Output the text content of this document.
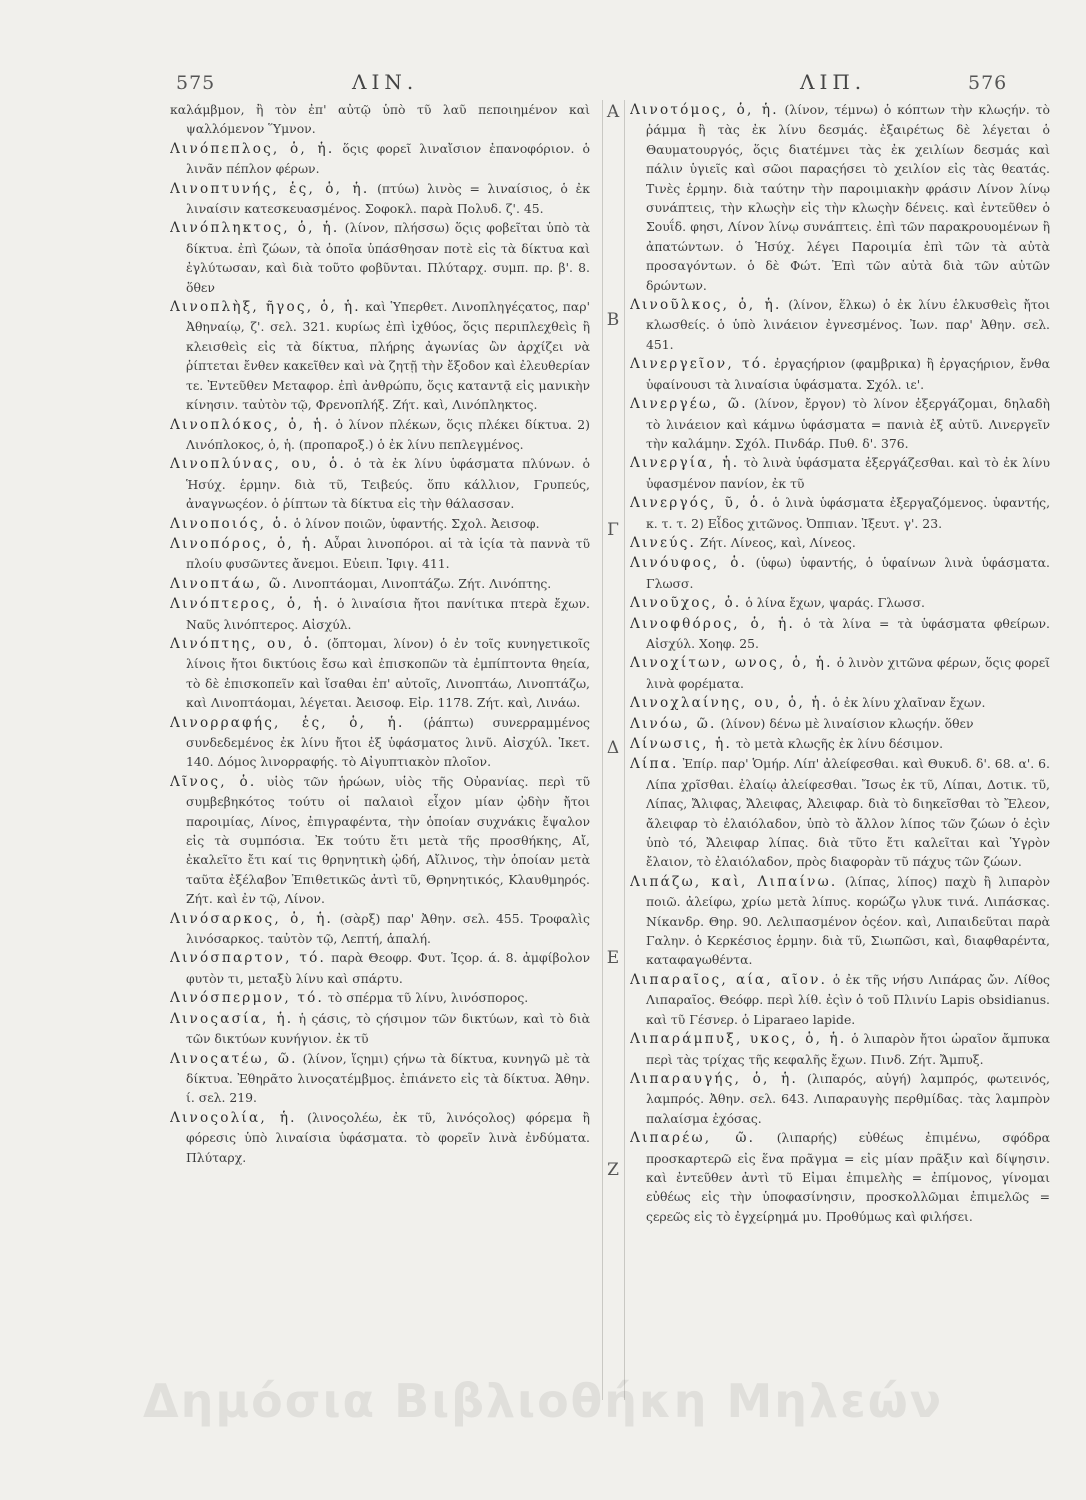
575	ΛΙΝ.	ΛΙΠ.	576

καλάμβμον, ἢ τὸν ἐπ' αὐτῷ ὑπὸ τῦ λαῦ πεποιημένον καὶ ψαλλόμενον Ὕμνον.

Λινόπεπλος, ὁ, ἡ. ὅςις φορεῖ λιναἴσιον ἐπανοφόριον. ὁ λινᾶν πέπλον φέρων.

Λινοπτυνής, ἑς, ὁ, ἡ. (πτύω) λινὸς = λιναίσιος, ὁ ἐκ λιναίσιν κατεσκευασμένος. Σοφοκλ. παρὰ Πολυδ. ζ'. 45.

Λινόπληκτος, ὁ, ἡ. (λίνον, πλήσσω) ὅςις φοβεῖται ὑπὸ τὰ δίκτυα. ἐπὶ ζώων, τὰ ὁποῖα ὑπάσθησαν ποτὲ εἰς τὰ δίκτυα καὶ ἐγλύτωσαν, καὶ διὰ τοῦτο φοβῦνται. Πλύταρχ. συμπ. πρ. β'. 8. ὅθεν

Λινοπλὴξ, ῆγος, ὁ, ἡ. καὶ Ὑπερθετ. Λινοπληγέςατος, παρ' Ἀθηναίῳ, ζ'. σελ. 321. κυρίως ἐπὶ ἰχθύος, ὅςις περιπλεχθεὶς ἢ κλεισθεὶς εἰς τὰ δίκτυα, πλήρης ἀγωνίας ὢν ἀρχίζει νὰ ῥίπτεται ἔνθεν κακεῖθεν καὶ νὰ ζητῇ τὴν ἔξοδον καὶ ἐλευθερίαν τε. Ἐντεῦθεν Μεταφορ. ἐπὶ ἀνθρώπυ, ὅςις καταντᾷ εἰς μανικὴν κίνησιν. ταὐτὸν τῷ, Φρενοπλήξ. Ζήτ. καὶ, Λινόπληκτος.

Λινοπλόκος, ὁ, ἡ. ὁ λίνον πλέκων, ὅςις πλέκει δίκτυα. 2) Λινόπλοκος, ὁ, ἡ. (προπαροξ.) ὁ ἐκ λίνυ πεπλεγμένος.

Λινοπλύνας, ου, ὁ. ὁ τὰ ἐκ λίνυ ὑφάσματα πλύνων. ὁ Ἡσύχ. ἑρμην. διὰ τῦ, Τειβεύς. ὅπυ κάλλιον, Γρυπεύς, ἀναγνωςέον. ὁ ῥίπτων τὰ δίκτυα εἰς τὴν θάλασσαν.

Λινοποιός, ὁ. ὁ λίνον ποιῶν, ὑφαντής. Σχολ. Ἀεισοφ.

Λινοπόρος, ὁ, ἡ. Αὖραι λινοπόροι. αἱ τὰ ἱςία τὰ παννὰ τῦ πλοίυ φυσῶντες ἄνεμοι. Εὐειπ. Ἰφιγ. 411.

Λινοπτάω, ῶ. Λινοπτάομαι, Λινοπτάζω. Ζήτ. Λινόπτης.

Λινόπτερος, ὁ, ἡ. ὁ λιναίσια ἤτοι πανίτικα πτερὰ ἔχων. Ναῦς λινόπτερος. Αἰσχύλ.

Λινόπτης, ου, ὁ. (ὄπτομαι, λίνον) ὁ ἐν τοῖς κυνηγετικοῖς λίνοις ἤτοι δικτύοις ἔσω καὶ ἐπισκοπῶν τὰ ἐμπίπτοντα θηεία, τὸ δὲ ἐπισκοπεῖν καὶ ἴσαθαι ἐπ' αὐτοῖς, Λινοπτάω, Λινοπτάζω, καὶ Λινοπτάομαι, λέγεται. Ἀεισοφ. Εἰρ. 1178. Ζήτ. καὶ, Λινάω.

Λινορραφής, ἑς, ὁ, ἡ. (ῥάπτω) συνερραμμένος συνδεδεμένος ἐκ λίνυ ἤτοι ἐξ ὑφάσματος λινῦ. Αἰσχύλ. Ἱκετ. 140. Δόμος λινορραφής. τὸ Αἰγυπτιακὸν πλοῖον.

Λῖνος, ὁ. υἱὸς τῶν ἡρώων, υἱὸς τῆς Οὐρανίας. περὶ τῦ συμβεβηκότος τούτυ οἱ παλαιοὶ εἶχον μίαν ᾠδὴν ἤτοι παροιμίας, Λίνος, ἐπιγραφέντα, τὴν ὁποίαν συχνάκις ἔψαλον εἰς τὰ συμπόσια. Ἐκ τούτυ ἔτι μετὰ τῆς προσθήκης, Αἴ, ἐκαλεῖτο ἔτι καί τις θρηνητικὴ ᾠδή, Αἴλινος, τὴν ὁποίαν μετὰ ταῦτα ἐξέλαβον Ἐπιθετικῶς ἀντὶ τῦ, Θρηνητικός, Κλαυθμηρός. Ζήτ. καὶ ἐν τῷ, Λίνον.

Λινόσαρκος, ὁ, ἡ. (σὰρξ) παρ' Ἀθην. σελ. 455. Τροφαλὶς λινόσαρκος. ταὐτὸν τῷ, Λεπτή, ἁπαλή.

Λινόσπαρτον, τό. παρὰ Θεοφρ. Φυτ. Ἱςορ. ά. 8. ἀμφίβολον φυτὸν τι, μεταξὺ λίνυ καὶ σπάρτυ.

Λινόσπερμον, τό. τὸ σπέρμα τῦ λίνυ, λινόσπορος.

Λινοςασία, ἡ. ἡ ςάσις, τὸ ςήσιμον τῶν δικτύων, καὶ τὸ διὰ τῶν δικτύων κυνήγιον. ἐκ τῦ

Λινοςατέω, ῶ. (λίνον, ἵςημι) ςήνω τὰ δίκτυα, κυνηγῶ μὲ τὰ δίκτυα. Ἐθηρᾶτο λινοςατέμβμος. ἐπιάνετο εἰς τὰ δίκτυα. Ἀθην. ί. σελ. 219.

Λινοςολία, ἡ. (λινοςολέω, ἐκ τῦ, λινόςολος) φόρεμα ἢ φόρεσις ὑπὸ λιναίσια ὑφάσματα. τὸ φορεῖν λινὰ ἐνδύματα. Πλύταρχ.

Α
Β
Γ
Δ
Ε
Ζ

Λινοτόμος, ὁ, ἡ. (λίνον, τέμνω) ὁ κόπτων τὴν κλωςήν. τὸ ῥάμμα ἢ τὰς ἐκ λίνυ δεσμάς. ἐξαιρέτως δὲ λέγεται ὁ Θαυματουργός, ὅςις διατέμνει τὰς ἐκ χειλίων δεσμάς καὶ πάλιν ὑγιεῖς καὶ σῶοι παραςήσει τὸ χειλίον εἰς τὰς θεατάς. Τινὲς ἑρμην. διὰ ταύτην τὴν παροιμιακὴν φράσιν Λίνον λίνῳ συνάπτεις, τὴν κλωςὴν εἰς τὴν κλωςὴν δένεις. καὶ ἐντεῦθεν ὁ Σουΐδ. φησι, Λίνον λίνῳ συνάπτεις. ἐπὶ τῶν παρακρουομένων ἢ ἀπατώντων. ὁ Ἡσύχ. λέγει Παροιμία ἐπὶ τῶν τὰ αὐτὰ προσαγόντων. ὁ δὲ Φώτ. Ἐπὶ τῶν αὐτὰ διὰ τῶν αὐτῶν δρώντων.

Λινοῦλκος, ὁ, ἡ. (λίνον, ἕλκω) ὁ ἐκ λίνυ ἑλκυσθεὶς ἤτοι κλωσθείς. ὁ ὑπὸ λινάειον ἐγνεσμένος. Ἰων. παρ' Ἀθην. σελ. 451.

Λινεργεῖον, τό. ἐργαςήριον (φαμβρικα) ἢ ἐργαςήριον, ἔνθα ὑφαίνουσι τὰ λιναίσια ὑφάσματα. Σχόλ. ιε'.

Λινεργέω, ῶ. (λίνον, ἔργον) τὸ λίνον ἐξεργάζομαι, δηλαδὴ τὸ λινάειον καὶ κάμνω ὑφάσματα = πανιὰ ἐξ αὐτῦ. Λινεργεῖν τὴν καλάμην. Σχόλ. Πινδάρ. Πυθ. δ'. 376.

Λινεργία, ἡ. τὸ λινὰ ὑφάσματα ἐξεργάζεσθαι. καὶ τὸ ἐκ λίνυ ὑφασμένον πανίον, ἐκ τῦ

Λινεργός, ῦ, ὁ. ὁ λινὰ ὑφάσματα ἐξεργαζόμενος. ὑφαντής, κ. τ. τ. 2) Εἶδος χιτῶνος. Ὀππιαν. Ἰξευτ. γ'. 23.

Λινεύς. Ζήτ. Λίνεος, καὶ, Λίνεος.

Λινόυφος, ὁ. (ὑφω) ὑφαντής, ὁ ὑφαίνων λινὰ ὑφάσματα. Γλωσσ.

Λινοῦχος, ὁ. ὁ λίνα ἔχων, ψαράς. Γλωσσ.

Λινοφθόρος, ὁ, ἡ. ὁ τὰ λίνα = τὰ ὑφάσματα φθείρων. Αἰσχύλ. Χοηφ. 25.

Λινοχίτων, ωνος, ὁ, ἡ. ὁ λινὸν χιτῶνα φέρων, ὅςις φορεῖ λινὰ φορέματα.

Λινοχλαίνης, ου, ὁ, ἡ. ὁ ἐκ λίνυ χλαῖναν ἔχων.

Λινόω, ῶ. (λίνον) δένω μὲ λιναίσιον κλωςήν. ὅθεν

Λίνωσις, ἡ. τὸ μετὰ κλωςῆς ἐκ λίνυ δέσιμον.

Λίπα. Ἐπίρ. παρ' Ὁμήρ. Λίπ' ἀλείφεσθαι. καὶ Θυκυδ. δ'. 68. α'. 6. Λίπα χρῖσθαι. ἐλαίῳ ἀλείφεσθαι. Ἴσως ἐκ τῦ, Λίπαι, Δοτικ. τῦ, Λίπας, Ἄλιφας, Ἄλειφας, Ἀλειφαρ. διὰ τὸ διηκεῖσθαι τὸ Ἔλεον, ἄλειφαρ τὸ ἐλαιόλαδον, ὑπὸ τὸ ἄλλον λίπος τῶν ζώων ὁ ἐςὶν ὑπὸ τό, Ἄλειφαρ λίπας. διὰ τῦτο ἔτι καλεῖται καὶ Ὑγρὸν ἔλαιον, τὸ ἐλαιόλαδον, πρὸς διαφορὰν τῦ πάχυς τῶν ζώων.

Λιπάζω, καὶ, Λιπαίνω. (λίπας, λίπος) παχὺ ἢ λιπαρὸν ποιῶ. ἀλείφω, χρίω μετὰ λίπυς. κορώζω γλυκ τινά. Λιπάσκας. Νίκανδρ. Θηρ. 90. Λελιπασμένον ὀςέον. καὶ, Λιπαιδεῦται παρὰ Γαλην. ὁ Κερκέσιος ἑρμην. διὰ τῦ, Σιωπῶσι, καὶ, διαφθαρέντα, καταφαγωθέντα.

Λιπαραῖος, αία, αῖον. ὁ ἐκ τῆς νήσυ Λιπάρας ὤν. Λίθος Λιπαραῖος. Θεόφρ. περὶ λίθ. ἐςὶν ὁ τοῦ Πλινίυ Lapis obsidianus. καὶ τῦ Γέσνερ. ὁ Liparaeo lapide.

Λιπαράμπυξ, υκος, ὁ, ἡ. ὁ λιπαρὸν ἤτοι ὡραῖον ἄμπυκα περὶ τὰς τρίχας τῆς κεφαλῆς ἔχων. Πινδ. Ζήτ. Ἄμπυξ.

Λιπαραυγής, ὁ, ἡ. (λιπαρός, αὐγή) λαμπρός, φωτεινός, λαμπρός. Ἀθην. σελ. 643. Λιπαραυγὴς περθμίδας. τὰς λαμπρὸν παλαίσμα ἐχόσας.

Λιπαρέω, ῶ. (λιπαρής) εὐθέως ἐπιμένω, σφόδρα προσκαρτερῶ εἰς ἕνα πρᾶγμα = εἰς μίαν πρᾶξιν καὶ δίψησιν. καὶ ἐντεῦθεν ἀντὶ τῦ Εἰμαι ἐπιμελὴς = ἐπίμονος, γίνομαι εὐθέως εἰς τὴν ὑποφασίνησιν, προσκολλῶμαι ἐπιμελῶς = ςερεῶς εἰς τὸ ἐγχείρημά μυ. Προθύμως καὶ φιλήσει.

Δημόσια Βιβλιοθήκη Μηλεών
